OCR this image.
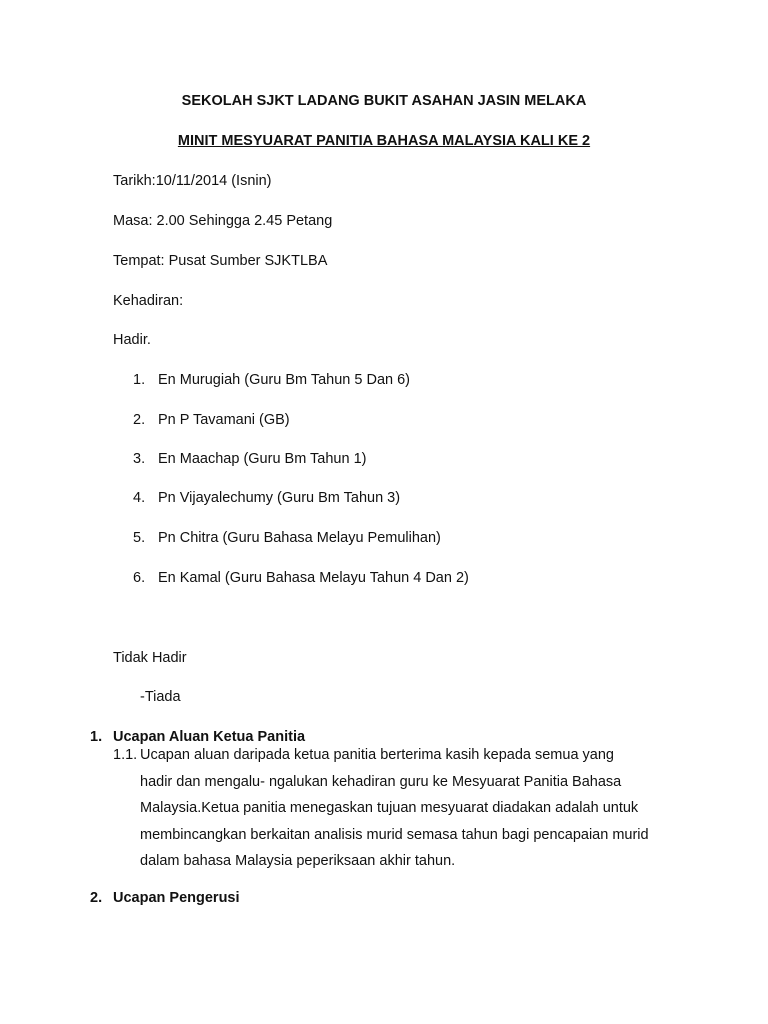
SEKOLAH SJKT LADANG BUKIT ASAHAN JASIN MELAKA
MINIT MESYUARAT PANITIA BAHASA MALAYSIA KALI KE 2
Tarikh:10/11/2014 (Isnin)
Masa: 2.00 Sehingga 2.45 Petang
Tempat: Pusat Sumber SJKTLBA
Kehadiran:
Hadir.
1. En Murugiah (Guru Bm Tahun 5 Dan 6)
2. Pn P Tavamani (GB)
3. En Maachap (Guru Bm Tahun 1)
4. Pn Vijayalechumy (Guru Bm Tahun 3)
5. Pn Chitra (Guru Bahasa Melayu Pemulihan)
6. En Kamal (Guru Bahasa Melayu Tahun 4 Dan 2)
Tidak Hadir
-Tiada
1. Ucapan Aluan Ketua Panitia
1.1. Ucapan aluan daripada ketua panitia berterima kasih kepada semua yang
hadir dan mengalu- ngalukan kehadiran guru ke Mesyuarat Panitia Bahasa
Malaysia.Ketua panitia menegaskan tujuan mesyuarat diadakan adalah untuk
membincangkan berkaitan analisis murid semasa tahun bagi pencapaian murid
dalam bahasa Malaysia peperiksaan akhir tahun.
2. Ucapan Pengerusi
